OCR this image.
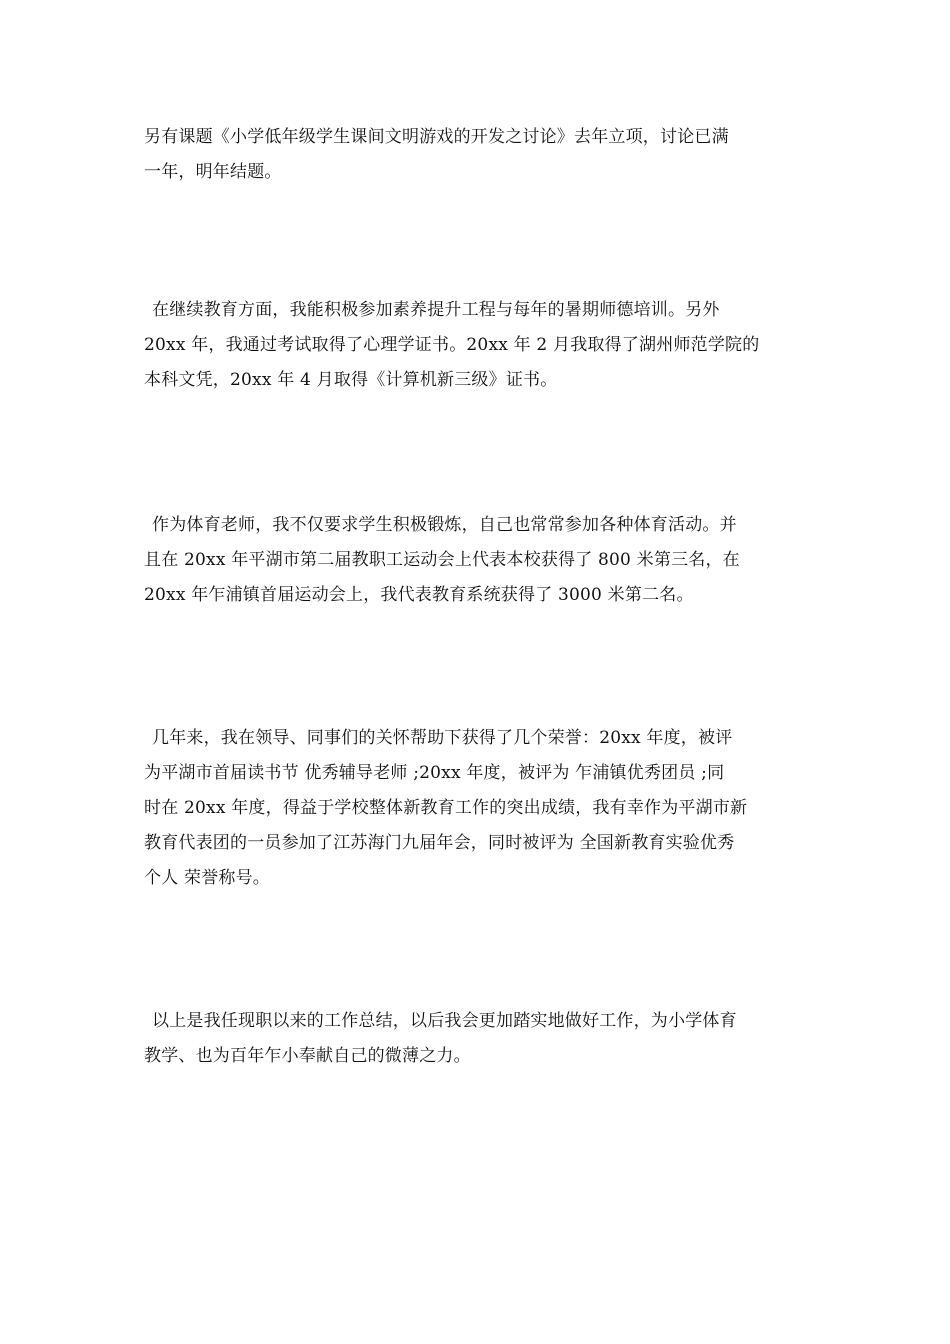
另有课题《小学低年级学生课间文明游戏的开发之讨论》去年立项，讨论已满
一年，明年结题。
在继续教育方面，我能积极参加素养提升工程与每年的暑期师德培训。另外
20xx 年，我通过考试取得了心理学证书。20xx 年 2 月我取得了湖州师范学院的
本科文凭，20xx 年 4 月取得《计算机新三级》证书。
作为体育老师，我不仅要求学生积极锻炼，自己也常常参加各种体育活动。并
且在 20xx 年平湖市第二届教职工运动会上代表本校获得了 800 米第三名，在
20xx 年乍浦镇首届运动会上，我代表教育系统获得了 3000 米第二名。
几年来，我在领导、同事们的关怀帮助下获得了几个荣誉：20xx 年度，被评
为平湖市首届读书节 优秀辅导老师 ;20xx 年度，被评为 乍浦镇优秀团员 ;同
时在 20xx 年度，得益于学校整体新教育工作的突出成绩，我有幸作为平湖市新
教育代表团的一员参加了江苏海门九届年会，同时被评为 全国新教育实验优秀
个人 荣誉称号。
以上是我任现职以来的工作总结，以后我会更加踏实地做好工作，为小学体育
教学、也为百年乍小奉献自己的微薄之力。
